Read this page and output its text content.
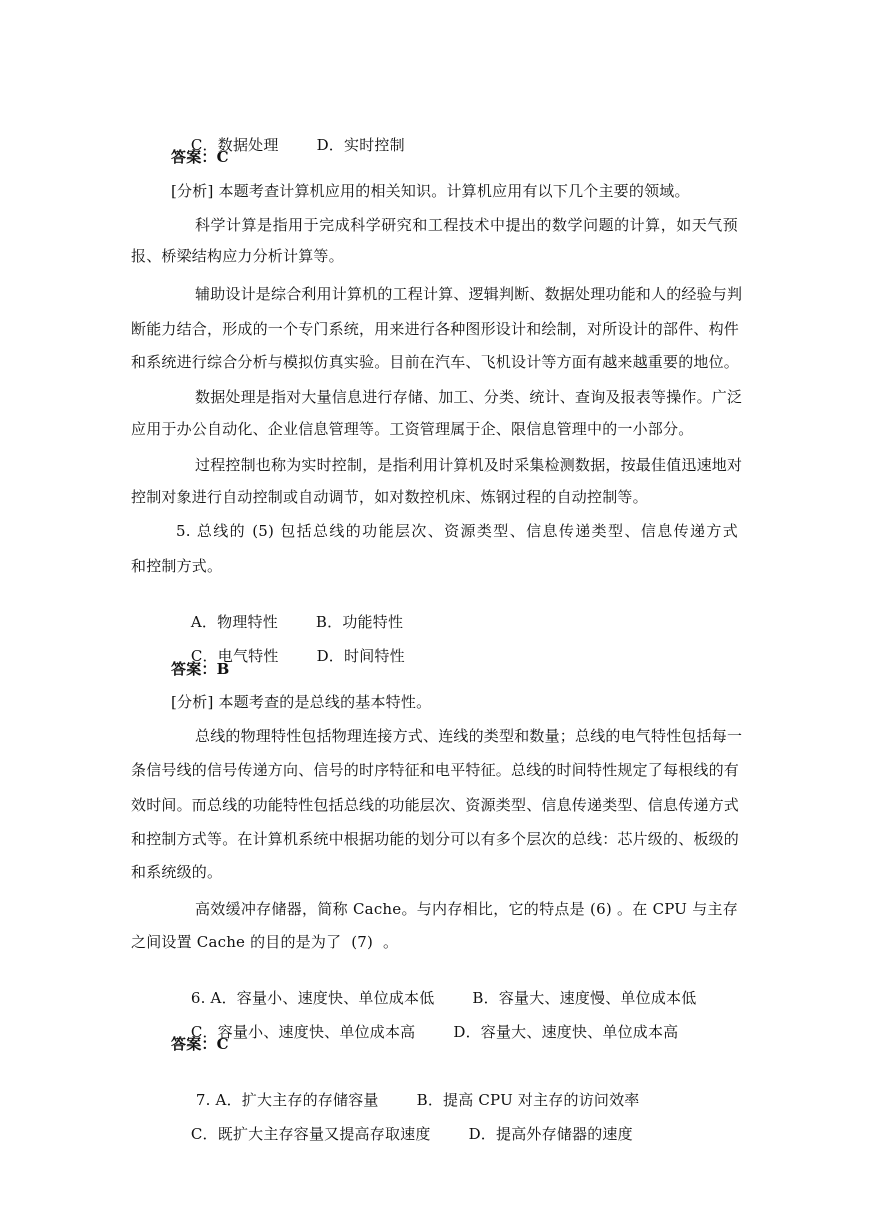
C．数据处理	D．实时控制

答案：C
[分析] 本题考查计算机应用的相关知识。计算机应用有以下几个主要的领域。
科学计算是指用于完成科学研究和工程技术中提出的数学问题的计算，如天气预
报、桥梁结构应力分析计算等。
辅助设计是综合利用计算机的工程计算、逻辑判断、数据处理功能和人的经验与判
断能力结合，形成的一个专门系统，用来进行各种图形设计和绘制，对所设计的部件、构件
和系统进行综合分析与模拟仿真实验。目前在汽车、飞机设计等方面有越来越重要的地位。
数据处理是指对大量信息进行存储、加工、分类、统计、查询及报表等操作。广泛
应用于办公自动化、企业信息管理等。工资管理属于企、限信息管理中的一小部分。
过程控制也称为实时控制，是指利用计算机及时采集检测数据，按最佳值迅速地对
控制对象进行自动控制或自动调节，如对数控机床、炼钢过程的自动控制等。
5. 总线的 (5) 包括总线的功能层次、资源类型、信息传递类型、信息传递方式
和控制方式。

A．物理特性	B．功能特性

C．电气特性	D．时间特性

答案：B
[分析] 本题考查的是总线的基本特性。
总线的物理特性包括物理连接方式、连线的类型和数量；总线的电气特性包括每一
条信号线的信号传递方向、信号的时序特征和电平特征。总线的时间特性规定了每根线的有
效时间。而总线的功能特性包括总线的功能层次、资源类型、信息传递类型、信息传递方式
和控制方式等。在计算机系统中根据功能的划分可以有多个层次的总线：芯片级的、板级的
和系统级的。
高效缓冲存储器，简称 Cache。与内存相比，它的特点是 (6) 。在 CPU 与主存
之间设置 Cache 的目的是为了  (7)  。

6. A．容量小、速度快、单位成本低	B．容量大、速度慢、单位成本低

C．容量小、速度快、单位成本高	D．容量大、速度快、单位成本高

答案：C

7. A．扩大主存的存储容量	B．提高 CPU 对主存的访问效率

C．既扩大主存容量又提高存取速度	D．提高外存储器的速度
